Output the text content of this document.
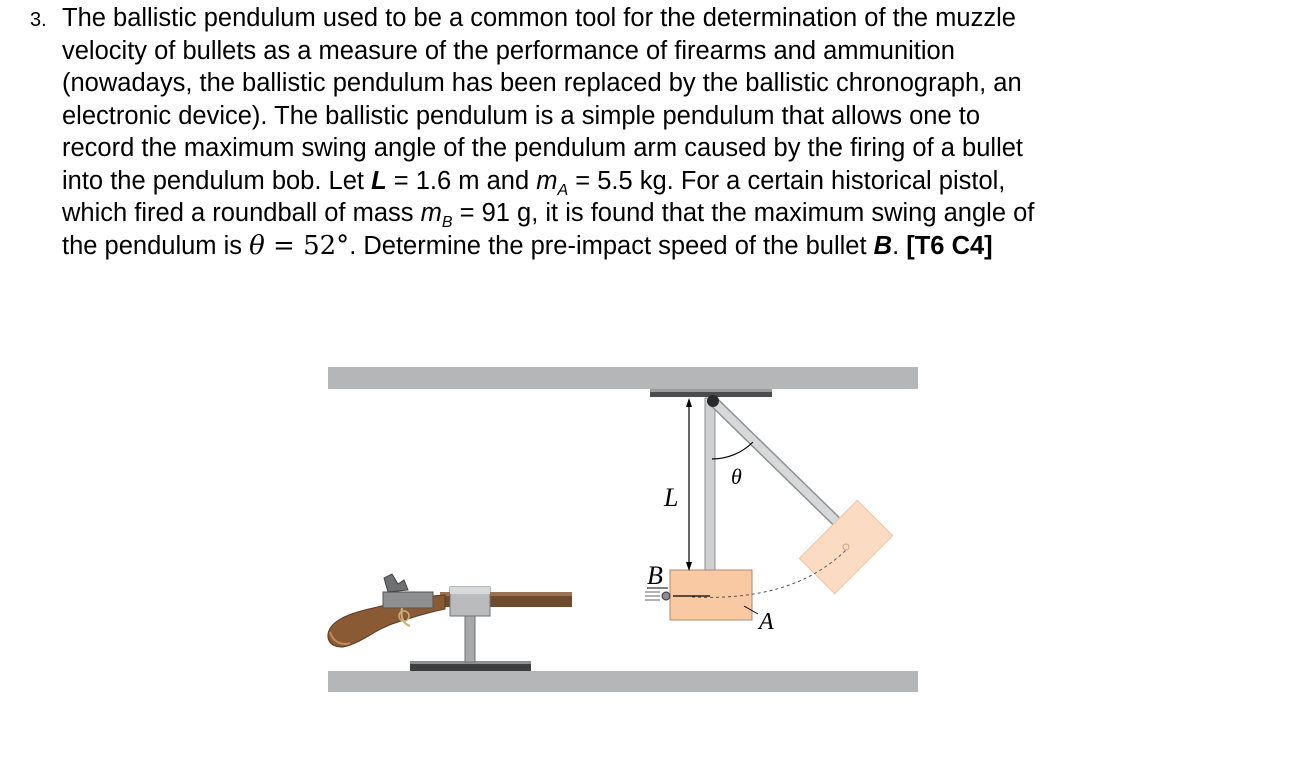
3. The ballistic pendulum used to be a common tool for the determination of the muzzle
velocity of bullets as a measure of the performance of firearms and ammunition
(nowadays, the ballistic pendulum has been replaced by the ballistic chronograph, an
electronic device). The ballistic pendulum is a simple pendulum that allows one to
record the maximum swing angle of the pendulum arm caused by the firing of a bullet
into the pendulum bob. Let L = 1.6 m and $m_A = 5.5$ kg. For a certain historical pistol,
which fired a roundball of mass $m_B = 91$ g, it is found that the maximum swing angle of
the pendulum is θ = 52°. Determine the pre-impact speed of the bullet B. [T6 C4]
L
θ
B
A
